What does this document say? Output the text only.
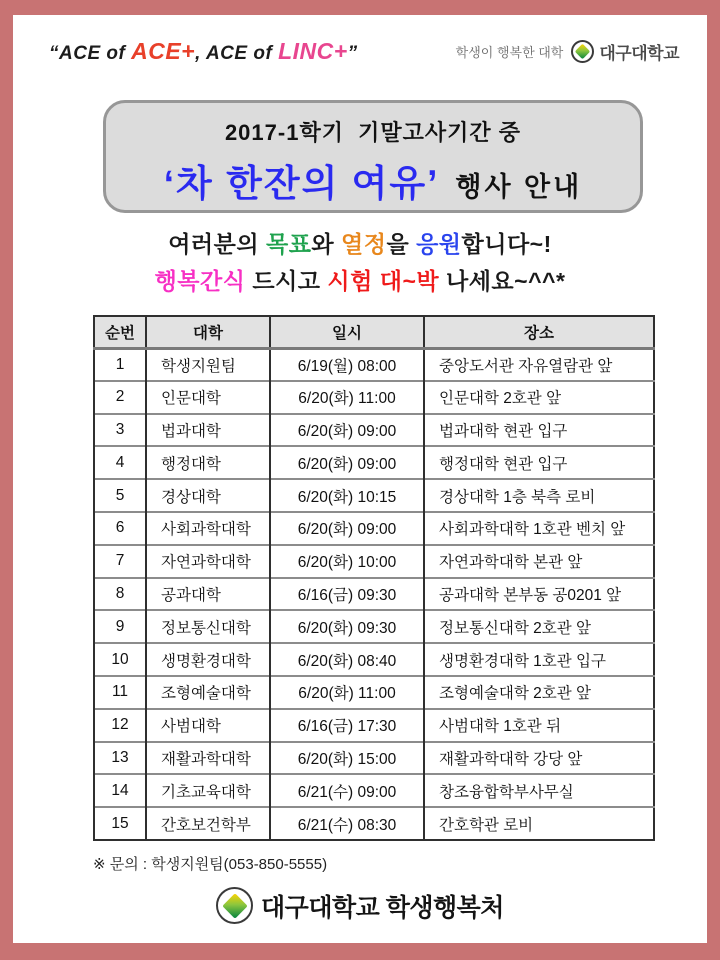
“ACE of ACE+, ACE of LINC+”	학생이 행복한 대학 대구대학교
2017-1학기  기말고사기간 중
‘차 한잔의 여유’ 행사 안내
여러분의 목표와 열정을 응원합니다~!
행복간식 드시고 시험 대~박 나세요~^^*
순번	대학	일시	장소
1	학생지원팀	6/19(월) 08:00	중앙도서관 자유열람관 앞
2	인문대학	6/20(화) 11:00	인문대학 2호관 앞
3	법과대학	6/20(화) 09:00	법과대학 현관 입구
4	행정대학	6/20(화) 09:00	행정대학 현관 입구
5	경상대학	6/20(화) 10:15	경상대학 1층 북측 로비
6	사회과학대학	6/20(화) 09:00	사회과학대학 1호관 벤치 앞
7	자연과학대학	6/20(화) 10:00	자연과학대학 본관 앞
8	공과대학	6/16(금) 09:30	공과대학 본부동 공0201 앞
9	정보통신대학	6/20(화) 09:30	정보통신대학 2호관 앞
10	생명환경대학	6/20(화) 08:40	생명환경대학 1호관 입구
11	조형예술대학	6/20(화) 11:00	조형예술대학 2호관 앞
12	사범대학	6/16(금) 17:30	사범대학 1호관 뒤
13	재활과학대학	6/20(화) 15:00	재활과학대학 강당 앞
14	기초교육대학	6/21(수) 09:00	창조융합학부사무실
15	간호보건학부	6/21(수) 08:30	간호학관 로비
※ 문의 : 학생지원팀(053-850-5555)
대구대학교 학생행복처
